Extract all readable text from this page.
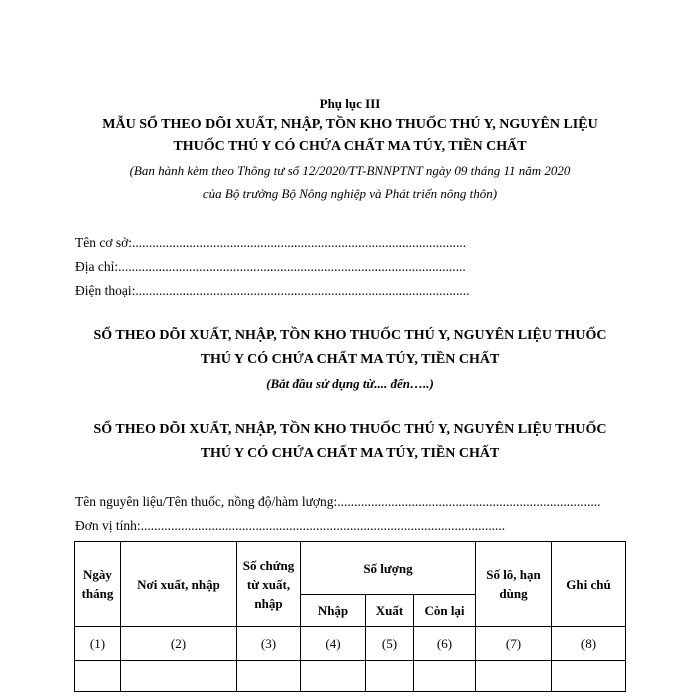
Phụ lục III
MẪU SỔ THEO DÕI XUẤT, NHẬP, TỒN KHO THUỐC THÚ Y, NGUYÊN LIỆU
THUỐC THÚ Y CÓ CHỨA CHẤT MA TÚY, TIỀN CHẤT
(Ban hành kèm theo Thông tư số 12/2020/TT-BNNPTNT ngày 09 tháng 11 năm 2020
của Bộ trưởng Bộ Nông nghiệp và Phát triển nông thôn)
Tên cơ sở:...................................................................................................
Địa chỉ:.......................................................................................................
Điện thoại:...................................................................................................
SỔ THEO DÕI XUẤT, NHẬP, TỒN KHO THUỐC THÚ Y, NGUYÊN LIỆU THUỐC
THÚ Y CÓ CHỨA CHẤT MA TÚY, TIỀN CHẤT
(Bắt đầu sử dụng từ.... đến…..)
SỔ THEO DÕI XUẤT, NHẬP, TỒN KHO THUỐC THÚ Y, NGUYÊN LIỆU THUỐC
THÚ Y CÓ CHỨA CHẤT MA TÚY, TIỀN CHẤT
Tên nguyên liệu/Tên thuốc, nồng độ/hàm lượng:..............................................................................
Đơn vị tính:............................................................................................................
Ngày tháng	Nơi xuất, nhập	Số chứng từ xuất, nhập	Số lượng			Số lô, hạn dùng	Ghi chú
			Nhập	Xuất	Còn lại		
(1)	(2)	(3)	(4)	(5)	(6)	(7)	(8)
